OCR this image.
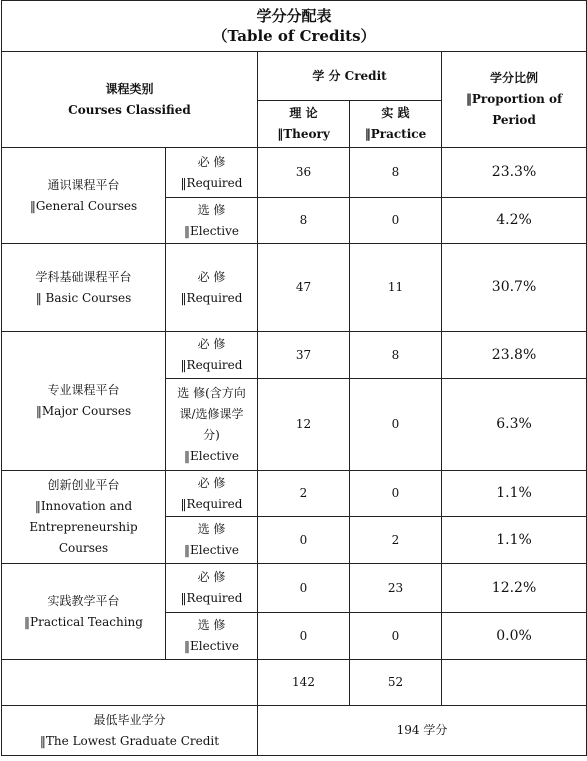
学分分配表
（Table of Credits）				

课程类别
Courses Classified		学 分 Credit		学分比例
‖Proportion of Period

		理 论
‖Theory	实 践
‖Practice	

通识课程平台
‖General Courses	必 修
‖Required	36	8	23.3%

	选 修
‖Elective	8	0	4.2%

学科基础课程平台
‖ Basic Courses	必 修
‖Required	47	11	30.7%

专业课程平台
‖Major Courses	必 修
‖Required	37	8	23.8%

	选 修(含方向
课/选修课学
分)
‖Elective	12	0	6.3%

创新创业平台
‖Innovation and
Entrepreneurship Courses	必 修
‖Required	2	0	1.1%

	选 修
‖Elective	0	2	1.1%

实践教学平台
‖Practical Teaching	必 修
‖Required	0	23	12.2%

	选 修
‖Elective	0	0	0.0%
		142	52	

最低毕业学分
‖The Lowest Graduate Credit		194 学分		
